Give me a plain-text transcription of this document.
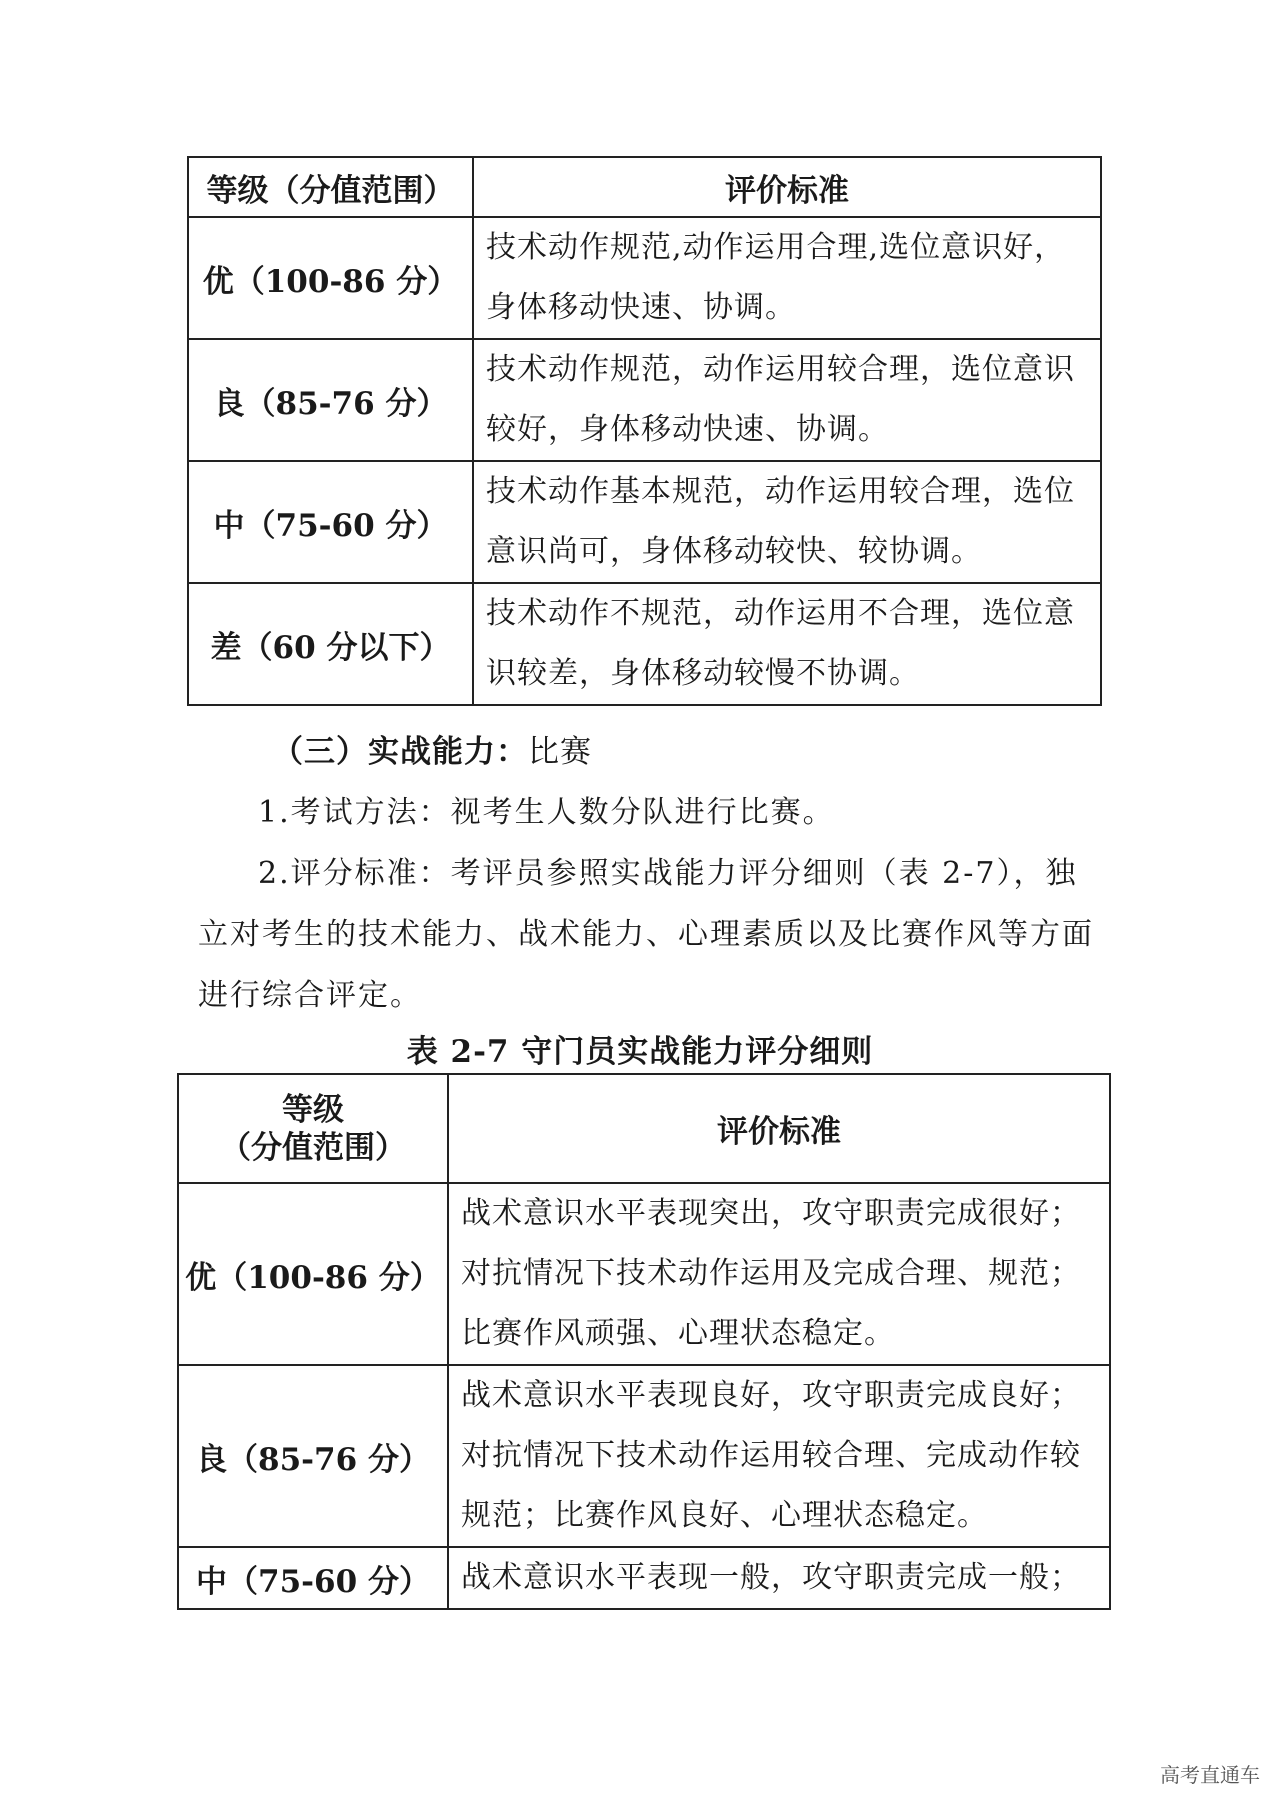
等级（分值范围）	评价标准
优（100-86 分）	技术动作规范,动作运用合理,选位意识好，
身体移动快速、协调。

良（85-76 分）	技术动作规范，动作运用较合理，选位意识
较好，身体移动快速、协调。

中（75-60 分）	技术动作基本规范，动作运用较合理，选位
意识尚可，身体移动较快、较协调。

差（60 分以下）	技术动作不规范，动作运用不合理，选位意
识较差，身体移动较慢不协调。
（三）实战能力：比赛
1.考试方法：视考生人数分队进行比赛。
2.评分标准：考评员参照实战能力评分细则（表 2-7），独
立对考生的技术能力、战术能力、心理素质以及比赛作风等方面
进行综合评定。
表 2-7 守门员实战能力评分细则
等级
（分值范围）	评价标准
优（100-86 分）	战术意识水平表现突出，攻守职责完成很好；
对抗情况下技术动作运用及完成合理、规范；
比赛作风顽强、心理状态稳定。

良（85-76 分）	战术意识水平表现良好，攻守职责完成良好；
对抗情况下技术动作运用较合理、完成动作较
规范；比赛作风良好、心理状态稳定。

中（75-60 分）	战术意识水平表现一般，攻守职责完成一般；
高考直通车
